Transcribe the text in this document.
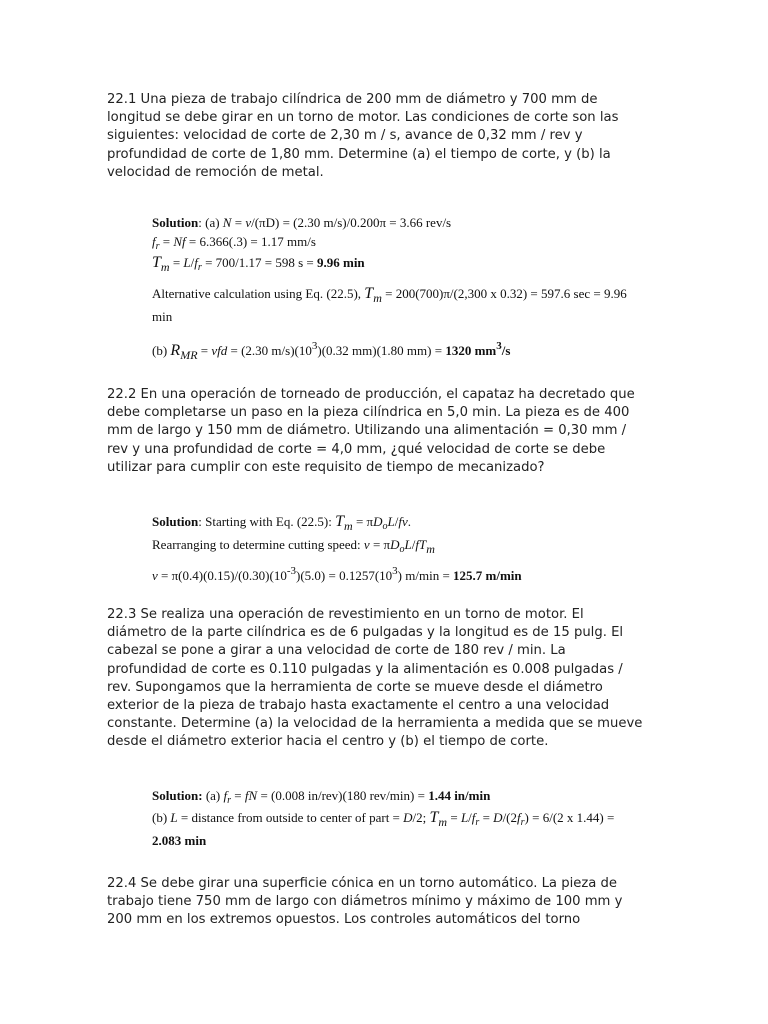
22.1 Una pieza de trabajo cilíndrica de 200 mm de diámetro y 700 mm de longitud se debe girar en un torno de motor. Las condiciones de corte son las siguientes: velocidad de corte de 2,30 m / s, avance de 0,32 mm / rev y profundidad de corte de 1,80 mm. Determine (a) el tiempo de corte, y (b) la velocidad de remoción de metal.

Solution: (a) N = v/(πD) = (2.30 m/s)/0.200π = 3.66 rev/s
$f_r = Nf = 6.366(.3) = 1.17$ mm/s
$Tm = L/f_r = 700/1.17 = 598$ s = 9.96 min
Alternative calculation using Eq. (22.5), Tm = 200(700)π/(2,300 x 0.32) = 597.6 sec = 9.96
min
(b) RMR = vfd = (2.30 $m/s)(10^3)(0.32$ mm)(1.80 mm) = 1320 $mm^3/s$

22.2 En una operación de torneado de producción, el capataz ha decretado que debe completarse un paso en la pieza cilíndrica en 5,0 min. La pieza es de 400 mm de largo y 150 mm de diámetro. Utilizando una alimentación = 0,30 mm / rev y una profundidad de corte = 4,0 mm, ¿qué velocidad de corte se debe utilizar para cumplir con este requisito de tiempo de mecanizado?

Solution: Starting with Eq. (22.5): $Tm = \pi D_oL/fv$.
Rearranging to determine cutting speed: $v = \pi D_oL$/fTm
$v = \pi(0.4)(0.15)/(0.30)(10^{-3})(5.0) = 0.1257(10^3) m/\min = 125.7$ m/min

22.3 Se realiza una operación de revestimiento en un torno de motor. El diámetro de la parte cilíndrica es de 6 pulgadas y la longitud es de 15 pulg. El cabezal se pone a girar a una velocidad de corte de 180 rev / min. La profundidad de corte es 0.110 pulgadas y la alimentación es 0.008 pulgadas / rev. Supongamos que la herramienta de corte se mueve desde el diámetro exterior de la pieza de trabajo hasta exactamente el centro a una velocidad constante. Determine (a) la velocidad de la herramienta a medida que se mueve desde el diámetro exterior hacia el centro y (b) el tiempo de corte.

Solution: (a) $f_r$ = fN = (0.008 in/rev)(180 rev/min) = 1.44 in/min
(b) L = distance from outside to center of part = D/2; $Tm = L/f_r = D/(2f_r) = 6/(2$ x 1.44) =
2.083 min

22.4 Se debe girar una superficie cónica en un torno automático. La pieza de trabajo tiene 750 mm de largo con diámetros mínimo y máximo de 100 mm y 200 mm en los extremos opuestos. Los controles automáticos del torno
